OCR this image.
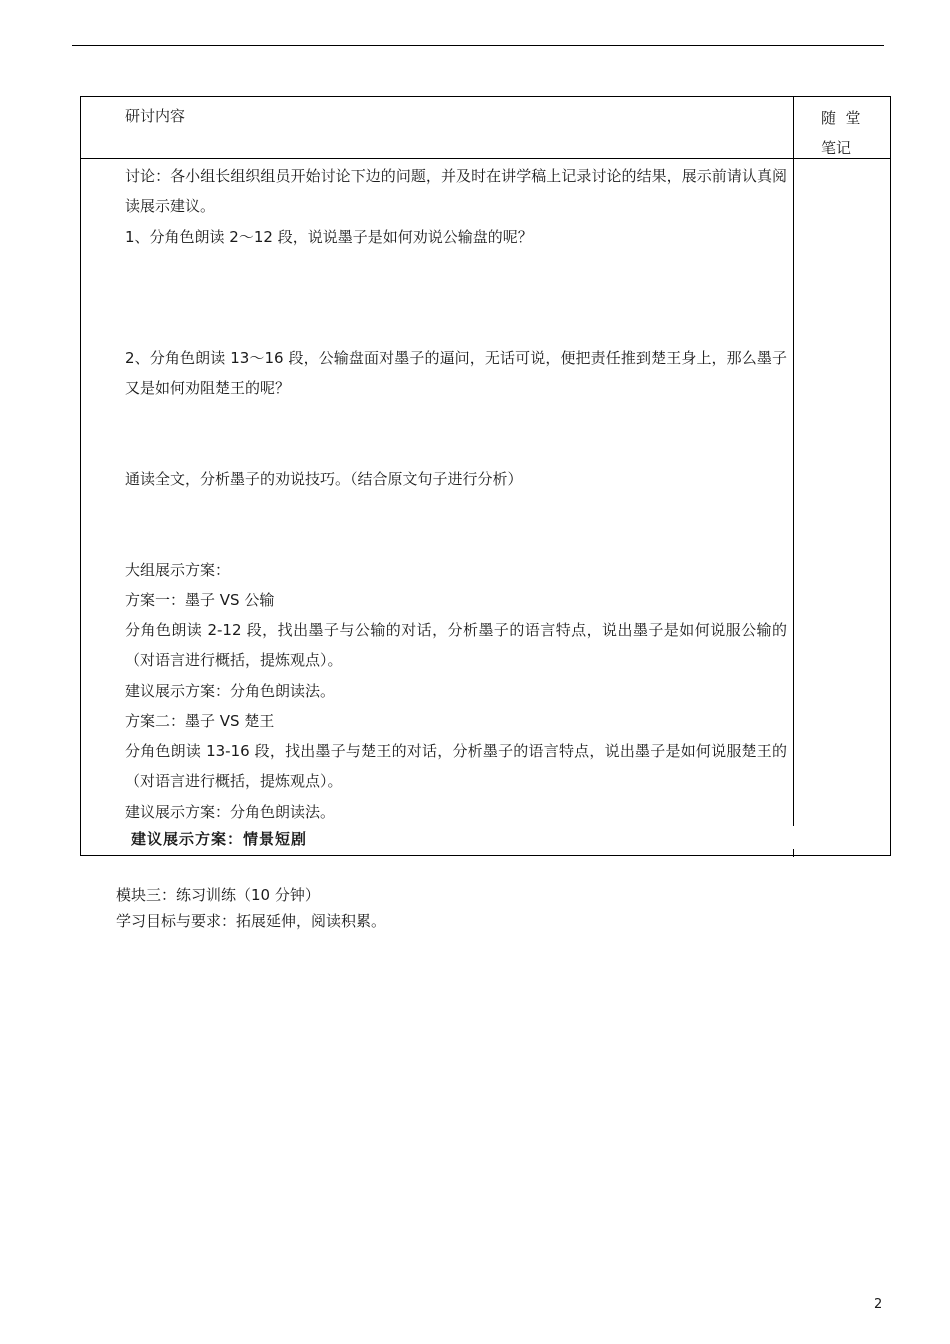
研讨内容	随  堂
笔记
讨论：各小组长组织组员开始讨论下边的问题，并及时在讲学稿上记录讨论的结果，展示前请认真阅读展示建议。
1、分角色朗读 2～12 段，说说墨子是如何劝说公输盘的呢？
2、分角色朗读 13～16 段，公输盘面对墨子的逼问，无话可说，便把责任推到楚王身上，那么墨子又是如何劝阻楚王的呢？
通读全文，分析墨子的劝说技巧。（结合原文句子进行分析）
大组展示方案：
方案一：墨子 VS 公输
分角色朗读 2-12 段，找出墨子与公输的对话，分析墨子的语言特点，说出墨子是如何说服公输的（对语言进行概括，提炼观点）。
建议展示方案：分角色朗读法。
方案二：墨子 VS 楚王
分角色朗读 13-16 段，找出墨子与楚王的对话，分析墨子的语言特点，说出墨子是如何说服楚王的（对语言进行概括，提炼观点）。
建议展示方案：分角色朗读法。
建议展示方案：情景短剧
模块三：练习训练（10 分钟）
学习目标与要求：拓展延伸，阅读积累。
2
